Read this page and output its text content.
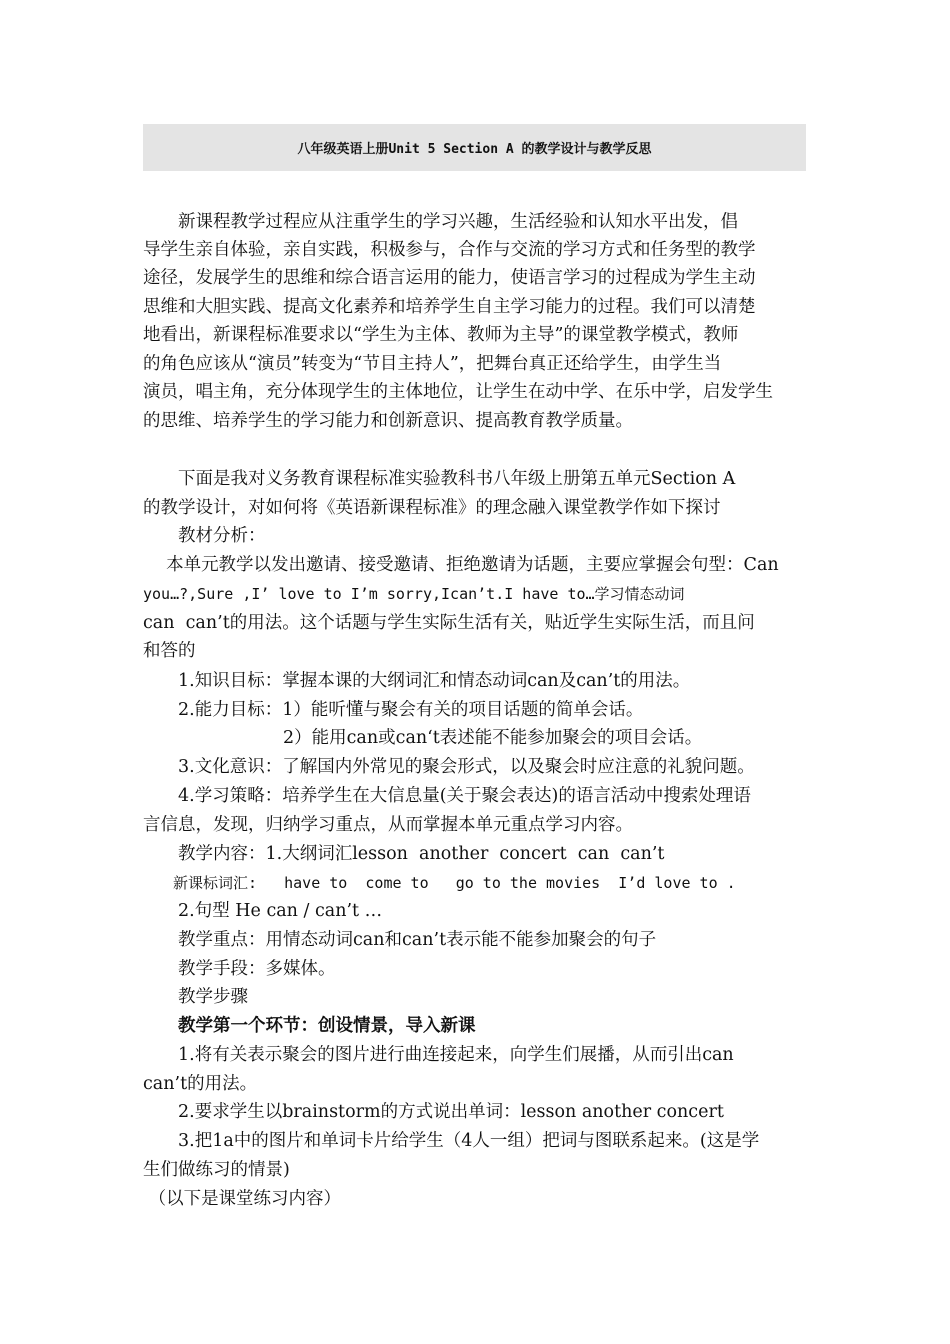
八年级英语上册Unit 5 Section A 的教学设计与教学反思
　　新课程教学过程应从注重学生的学习兴趣，生活经验和认知水平出发，倡
导学生亲自体验，亲自实践，积极参与，合作与交流的学习方式和任务型的教学
途径，发展学生的思维和综合语言运用的能力，使语言学习的过程成为学生主动
思维和大胆实践、提高文化素养和培养学生自主学习能力的过程。我们可以清楚
地看出，新课程标准要求以“学生为主体、教师为主导”的课堂教学模式，教师
的角色应该从“演员”转变为“节目主持人”，把舞台真正还给学生，由学生当
演员，唱主角，充分体现学生的主体地位，让学生在动中学、在乐中学，启发学生
的思维、培养学生的学习能力和创新意识、提高教育教学质量。
　　下面是我对义务教育课程标准实验教科书八年级上册第五单元Section A
的教学设计，对如何将《英语新课程标准》的理念融入课堂教学作如下探讨
　　教材分析：
　 本单元教学以发出邀请、接受邀请、拒绝邀请为话题，主要应掌握会句型：Can
you…?,Sure ,I’ love to I’m sorry,Ican’t.I have to…学习情态动词
can  can’t的用法。这个话题与学生实际生活有关，贴近学生实际生活，而且问
和答的
　　1.知识目标：掌握本课的大纲词汇和情态动词can及can’t的用法。
　　2.能力目标：1）能听懂与聚会有关的项目话题的简单会话。
　　　　　　　　2）能用can或can‘t表述能不能参加聚会的项目会话。
　　3.文化意识：了解国内外常见的聚会形式，以及聚会时应注意的礼貌问题。
　　4.学习策略：培养学生在大信息量(关于聚会表达)的语言活动中搜索处理语
言信息，发现，归纳学习重点，从而掌握本单元重点学习内容。
　　教学内容：1.大纲词汇lesson  another  concert  can  can’t
　　新课标词汇:   have to  come to   go to the movies  I’d love to .
　　2.句型 He can / can’t …
　　教学重点：用情态动词can和can’t表示能不能参加聚会的句子
　　教学手段：多媒体。
　　教学步骤
　　教学第一个环节：创设情景，导入新课
　　1.将有关表示聚会的图片进行曲连接起来，向学生们展播，从而引出can
can’t的用法。
　　2.要求学生以brainstorm的方式说出单词：lesson another concert
　　3.把1a中的图片和单词卡片给学生（4人一组）把词与图联系起来。(这是学
生们做练习的情景)
（以下是课堂练习内容）
